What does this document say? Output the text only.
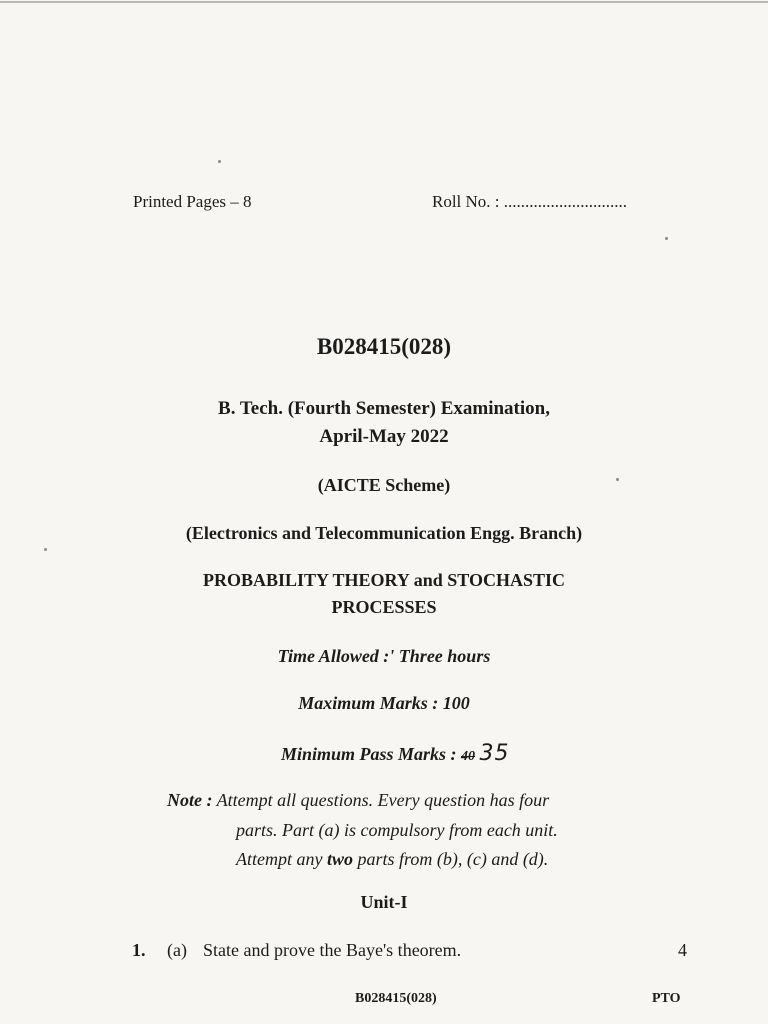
Printed Pages – 8	Roll No. : .............................
B028415(028)
B. Tech. (Fourth Semester) Examination,
April-May 2022
(AICTE Scheme)
(Electronics and Telecommunication Engg. Branch)
PROBABILITY THEORY and STOCHASTIC
PROCESSES
Time Allowed :' Three hours
Maximum Marks : 100
Minimum Pass Marks : 40 35
Note : Attempt all questions. Every question has four
parts. Part (a) is compulsory from each unit.
Attempt any two parts from (b), (c) and (d).
Unit-I
1. (a) State and prove the Baye's theorem.	4
B028415(028)	PTO
